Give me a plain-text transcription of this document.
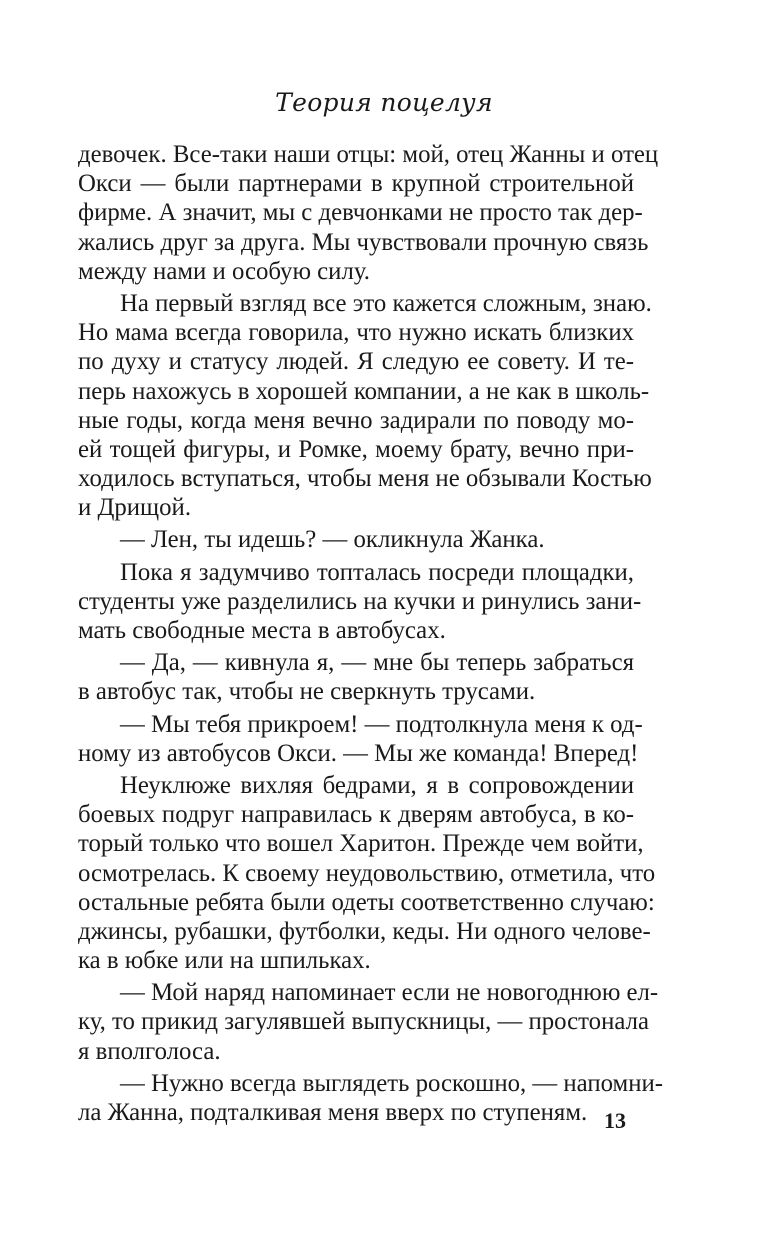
Теория поцелуя
девочек. Все-таки наши отцы: мой, отец Жанны и отец
Окси — были партнерами в крупной строительной
фирме. А значит, мы с девчонками не просто так дер-
жались друг за друга. Мы чувствовали прочную связь
между нами и особую силу.
На первый взгляд все это кажется сложным, знаю.
Но мама всегда говорила, что нужно искать близких
по духу и статусу людей. Я следую ее совету. И те-
перь нахожусь в хорошей компании, а не как в школь-
ные годы, когда меня вечно задирали по поводу мо-
ей тощей фигуры, и Ромке, моему брату, вечно при-
ходилось вступаться, чтобы меня не обзывали Костью
и Дрищой.
— Лен, ты идешь? — окликнула Жанка.
Пока я задумчиво топталась посреди площадки,
студенты уже разделились на кучки и ринулись зани-
мать свободные места в автобусах.
— Да, — кивнула я, — мне бы теперь забраться
в автобус так, чтобы не сверкнуть трусами.
— Мы тебя прикроем! — подтолкнула меня к од-
ному из автобусов Окси. — Мы же команда! Вперед!
Неуклюже вихляя бедрами, я в сопровождении
боевых подруг направилась к дверям автобуса, в ко-
торый только что вошел Харитон. Прежде чем войти,
осмотрелась. К своему неудовольствию, отметила, что
остальные ребята были одеты соответственно случаю:
джинсы, рубашки, футболки, кеды. Ни одного челове-
ка в юбке или на шпильках.
— Мой наряд напоминает если не новогоднюю ел-
ку, то прикид загулявшей выпускницы, — простонала
я вполголоса.
— Нужно всегда выглядеть роскошно, — напомни-
ла Жанна, подталкивая меня вверх по ступеням. 13
